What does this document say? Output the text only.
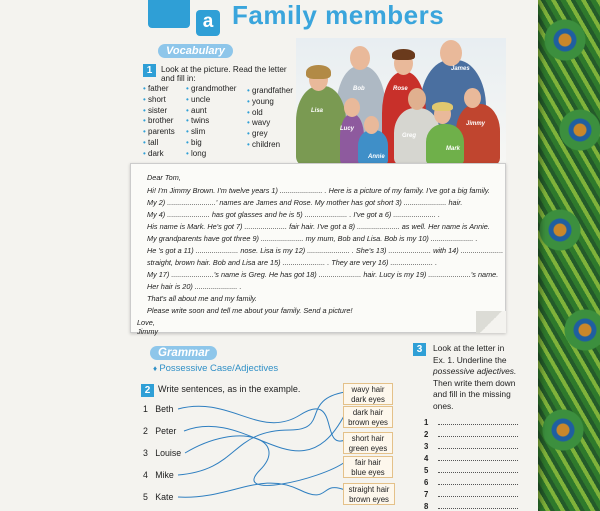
a Family members
Vocabulary
1	Look at the picture. Read the letter
and fill in:
• father
• short
• sister
• brother
• parents
• tall
• dark
• grandmother
• uncle
• aunt
• twins
• slim
• big
• long
• grandfather
• young
• old
• wavy
• grey
• children
James
Rose
Lisa
Bob
Jimmy
Lucy
Greg
Annie
Mark
Dear Tom,
Hi! I'm Jimmy Brown. I'm twelve years 1) ..................... . Here is a picture of my family. I've got a big family.
My 2) ........................' names are James and Rose. My mother has got short 3) ..................... hair.
My 4) ..................... has got glasses and he is 5) ..................... . I've got a 6) ..................... .
His name is Mark. He's got 7) ..................... fair hair. I've got a 8) ..................... as well. Her name is Annie.
My grandparents have got three 9) ..................... my mum, Bob and Lisa. Bob is my 10) ..................... .
He 's got a 11) ..................... nose. Lisa is my 12) ..................... . She's 13) ..................... with 14) .....................
straight, brown hair. Bob and Lisa are 15) ..................... . They are very 16) ..................... .
My 17) .....................'s name is Greg. He has got 18) ..................... hair. Lucy is my 19) .....................'s name.
Her hair is 20) ..................... .
That's all about me and my family.
Please write soon and tell me about your family. Send a picture!
Love,
Jimmy
Grammar
♦ Possessive Case/Adjectives
2 Write sentences, as in the example.
1 Beth
2 Peter
3 Louise
4 Mike
5 Kate
wavy hair
dark eyes
dark hair
brown eyes
short hair
green eyes
fair hair
blue eyes
straight hair
brown eyes
3	Look at the letter in
Ex. 1. Underline the
possessive adjectives.
Then write them down
and fill in the missing
ones.
1
2
3
4
5
6
7
8
